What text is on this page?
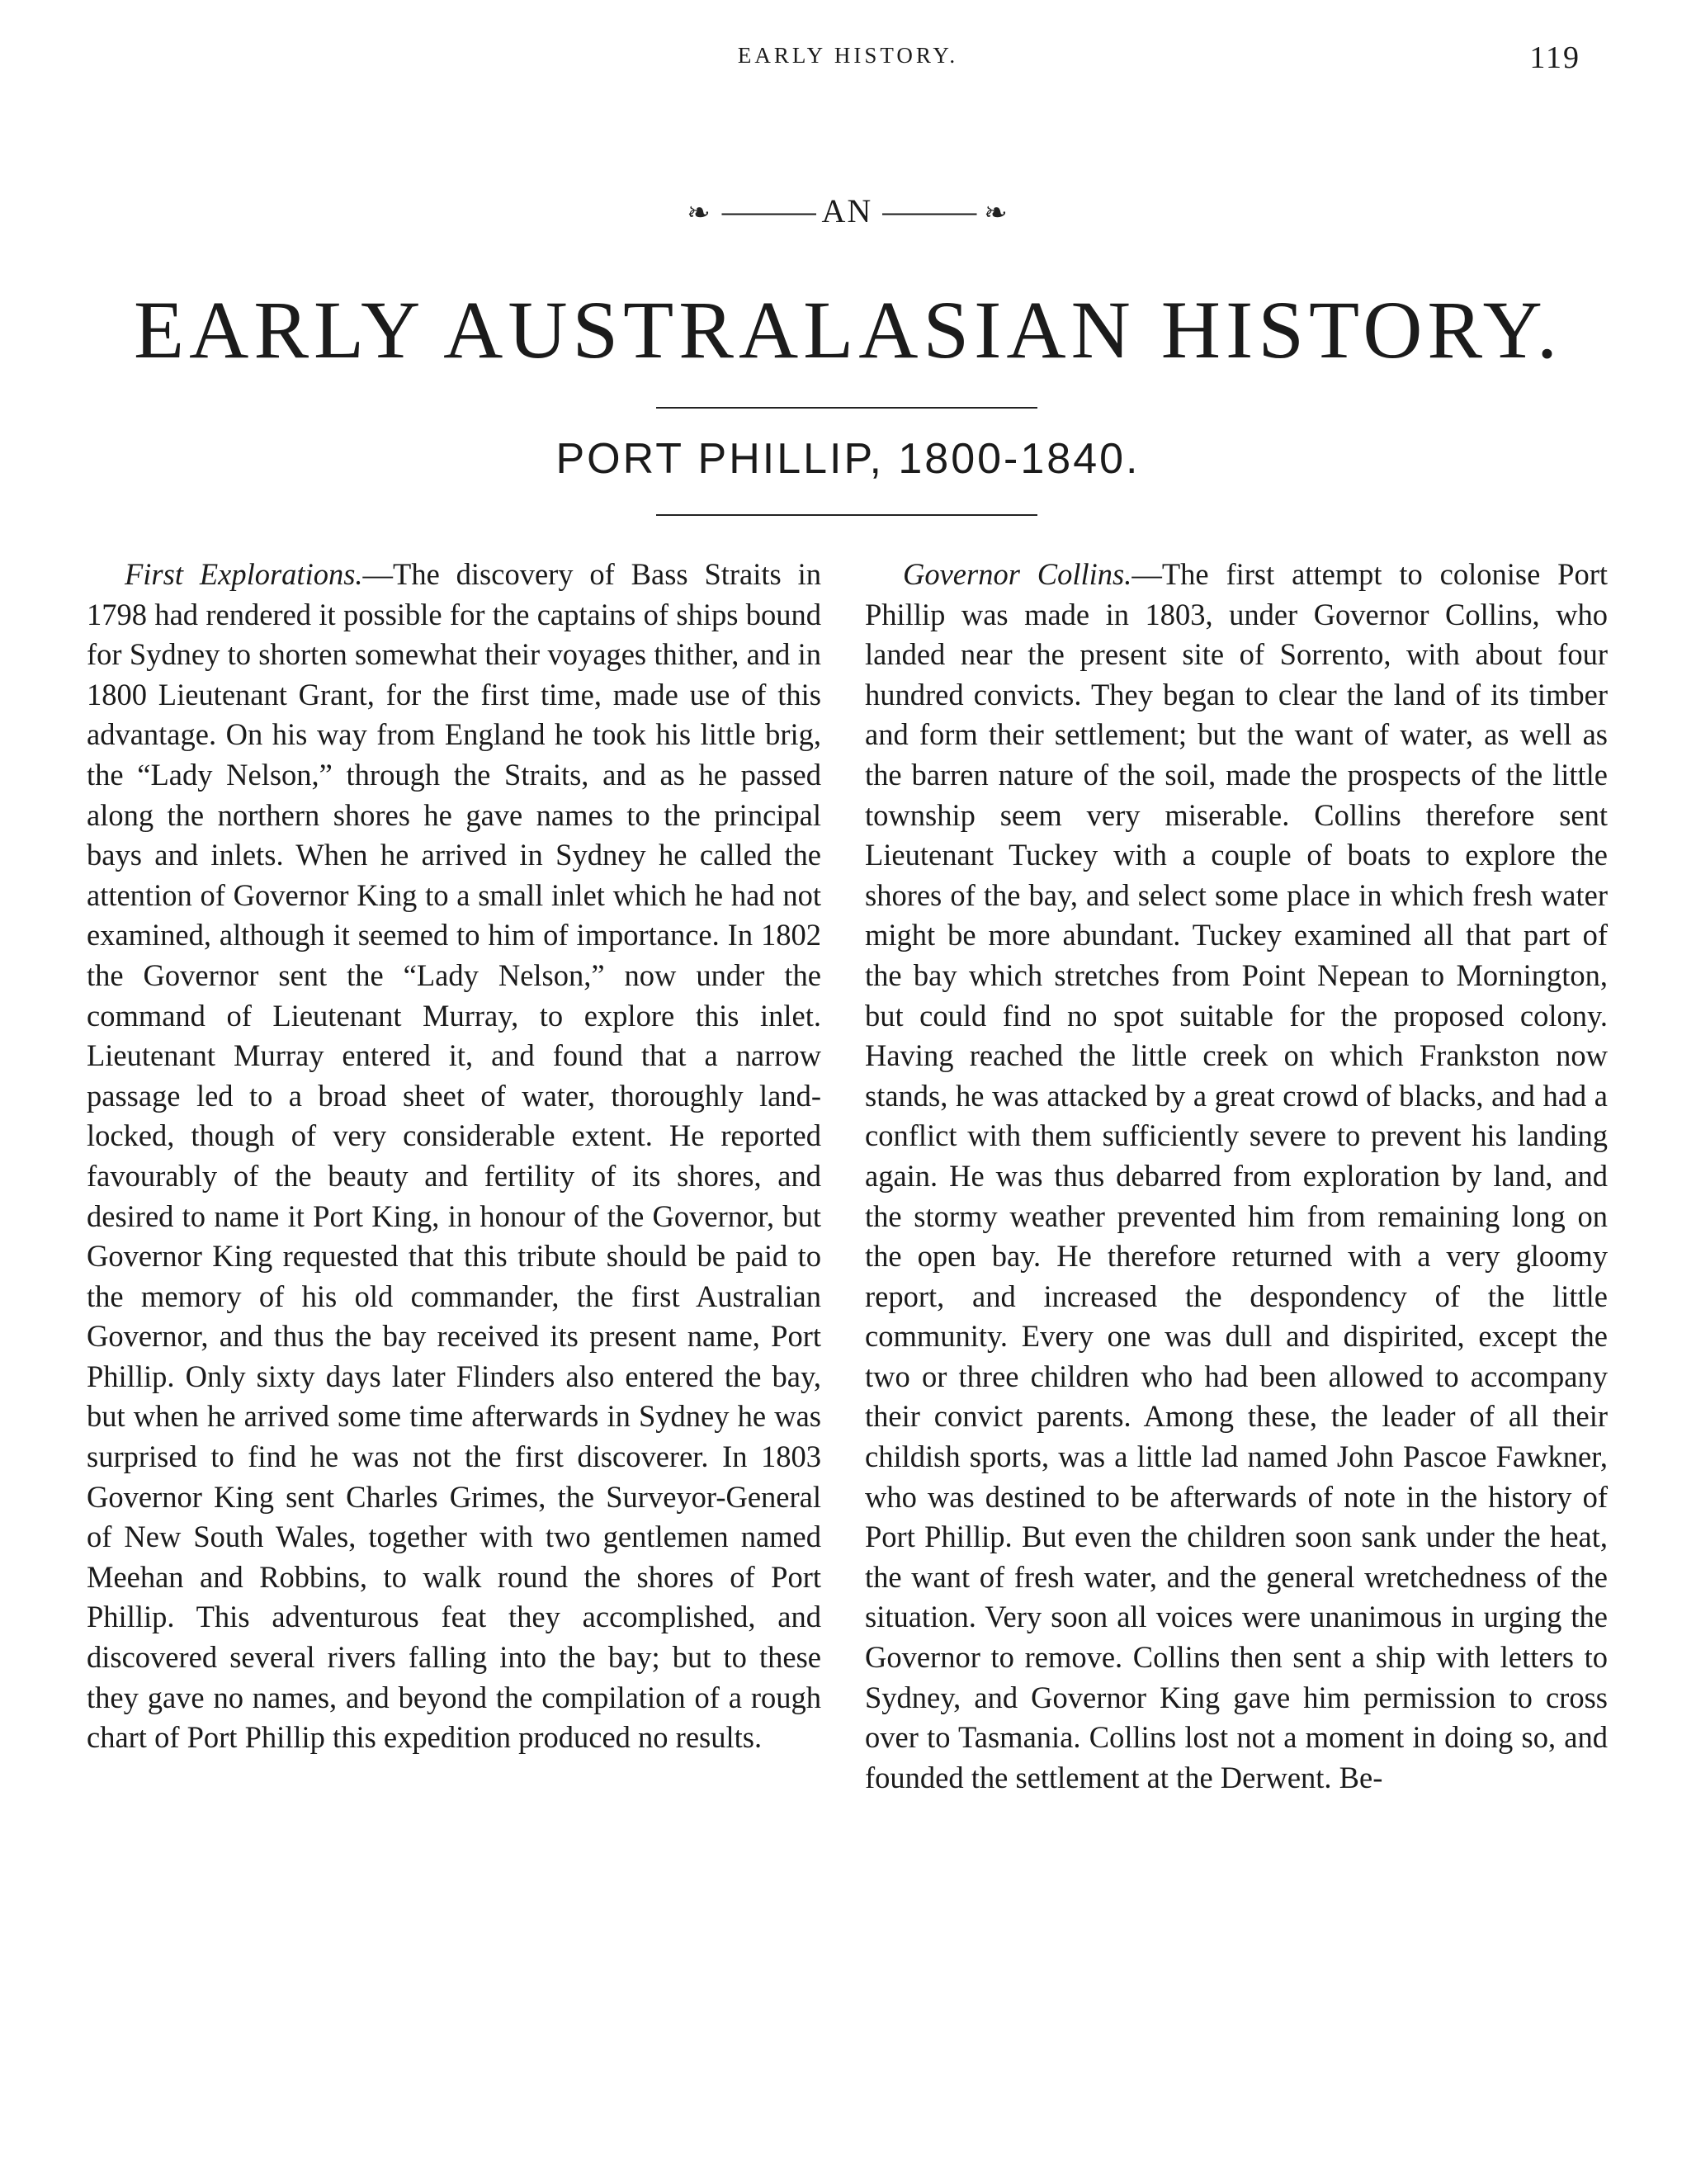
EARLY HISTORY.	119
❧ ——— AN ——— ❧
EARLY AUSTRALASIAN HISTORY.
PORT PHILLIP, 1800-1840.

First Explorations.—The discovery of Bass Straits in 1798 had rendered it possible for the captains of ships bound for Sydney to shorten somewhat their voyages thither, and in 1800 Lieutenant Grant, for the first time, made use of this advantage. On his way from England he took his little brig, the “Lady Nelson,” through the Straits, and as he passed along the northern shores he gave names to the principal bays and inlets. When he arrived in Sydney he called the attention of Governor King to a small inlet which he had not examined, although it seemed to him of importance. In 1802 the Governor sent the “Lady Nelson,” now under the command of Lieutenant Murray, to explore this inlet. Lieutenant Murray entered it, and found that a narrow passage led to a broad sheet of water, thoroughly land-locked, though of very considerable extent. He reported favourably of the beauty and fertility of its shores, and desired to name it Port King, in honour of the Governor, but Governor King requested that this tribute should be paid to the memory of his old commander, the first Australian Governor, and thus the bay received its present name, Port Phillip. Only sixty days later Flinders also entered the bay, but when he arrived some time afterwards in Sydney he was surprised to find he was not the first discoverer. In 1803 Governor King sent Charles Grimes, the Surveyor-General of New South Wales, together with two gentlemen named Meehan and Robbins, to walk round the shores of Port Phillip. This adventurous feat they accomplished, and discovered several rivers falling into the bay; but to these they gave no names, and beyond the compilation of a rough chart of Port Phillip this expedition produced no results.

Governor Collins.—The first attempt to colonise Port Phillip was made in 1803, under Governor Collins, who landed near the present site of Sorrento, with about four hundred convicts. They began to clear the land of its timber and form their settlement; but the want of water, as well as the barren nature of the soil, made the prospects of the little township seem very miserable. Collins therefore sent Lieutenant Tuckey with a couple of boats to explore the shores of the bay, and select some place in which fresh water might be more abundant. Tuckey examined all that part of the bay which stretches from Point Nepean to Mornington, but could find no spot suitable for the proposed colony. Having reached the little creek on which Frankston now stands, he was attacked by a great crowd of blacks, and had a conflict with them sufficiently severe to prevent his landing again. He was thus debarred from exploration by land, and the stormy weather prevented him from remaining long on the open bay. He therefore returned with a very gloomy report, and increased the despondency of the little community. Every one was dull and dispirited, except the two or three children who had been allowed to accompany their convict parents. Among these, the leader of all their childish sports, was a little lad named John Pascoe Fawkner, who was destined to be afterwards of note in the history of Port Phillip. But even the children soon sank under the heat, the want of fresh water, and the general wretchedness of the situation. Very soon all voices were unanimous in urging the Governor to remove. Collins then sent a ship with letters to Sydney, and Governor King gave him permission to cross over to Tasmania. Collins lost not a moment in doing so, and founded the settlement at the Derwent. Be-
